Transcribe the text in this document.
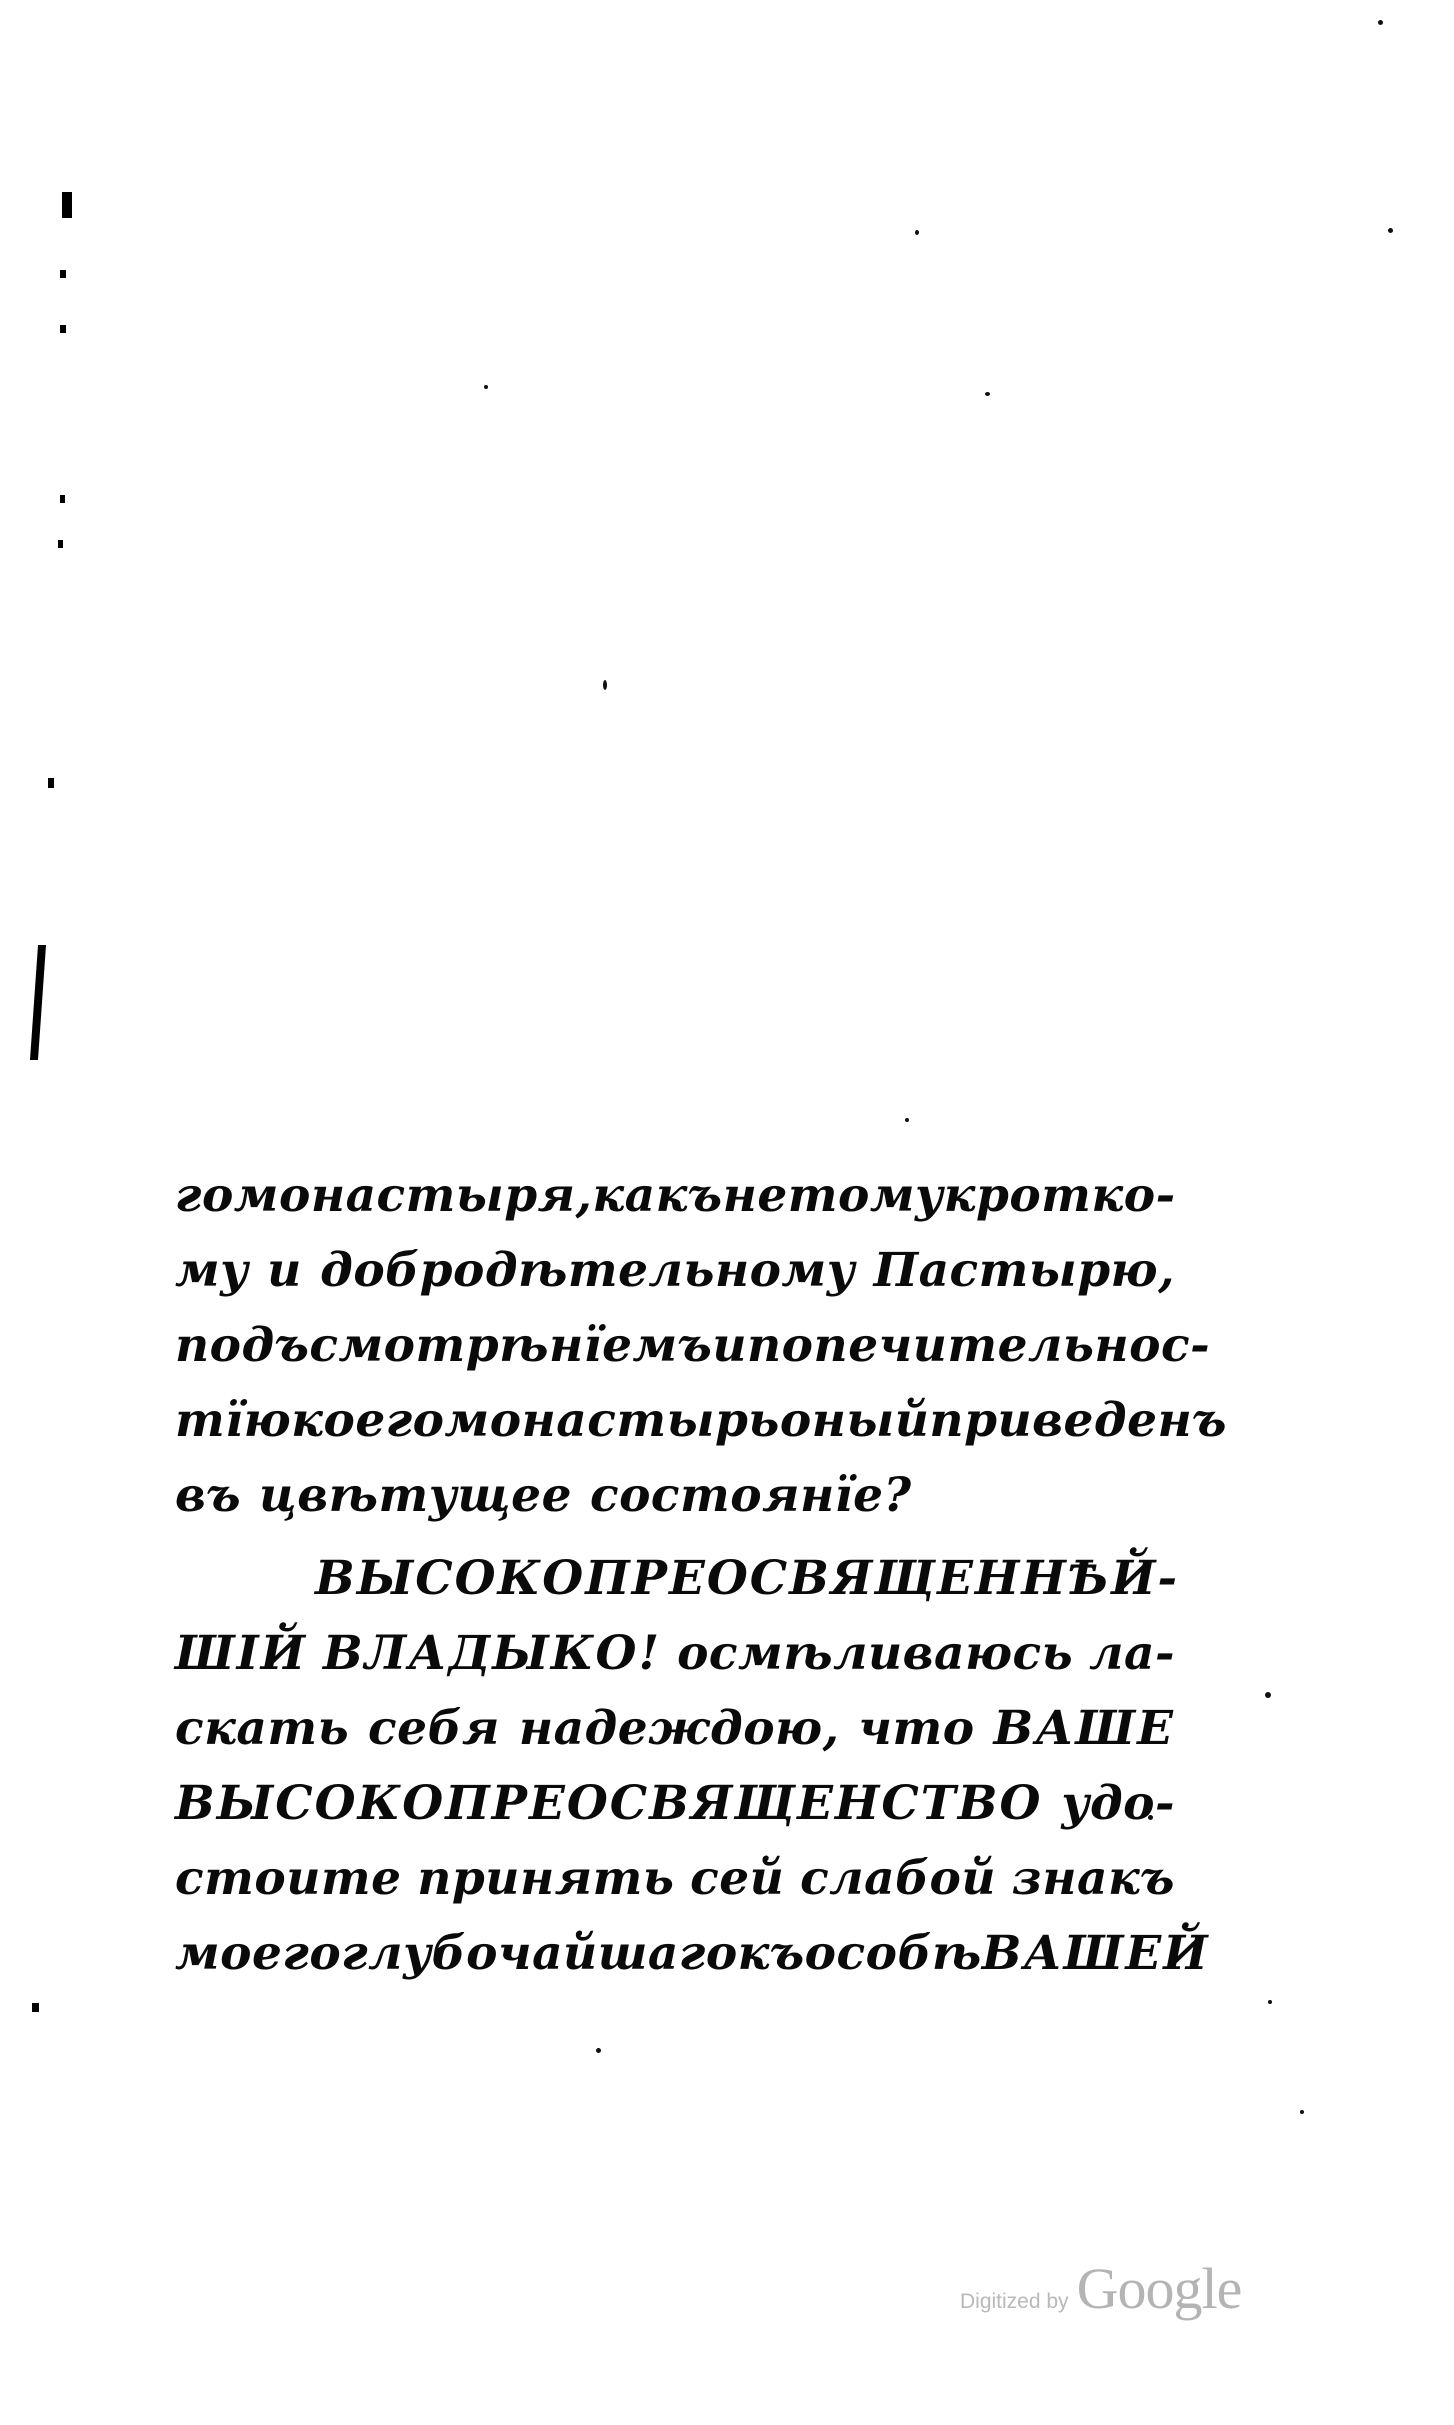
го монастыря, какъ не тому кротко-
му и добродѣтельному Пастырю,
подъ смотрѣнїемъ и попечительнос-
тїю коего монастырь оный приведенъ
въ цвѣтущее состоянїе?
ВЫСОКОПРЕОСВЯЩЕННѢЙ-
ШІЙ ВЛАДЫКО! осмѣливаюсь ла-
скать себя надеждою, что ВАШЕ
ВЫСОКОПРЕОСВЯЩЕНСТВО удо-
стоите принять сей слабой знакъ
моего глубочайшаго къ особѣ ВАШЕЙ
Digitized by Google
